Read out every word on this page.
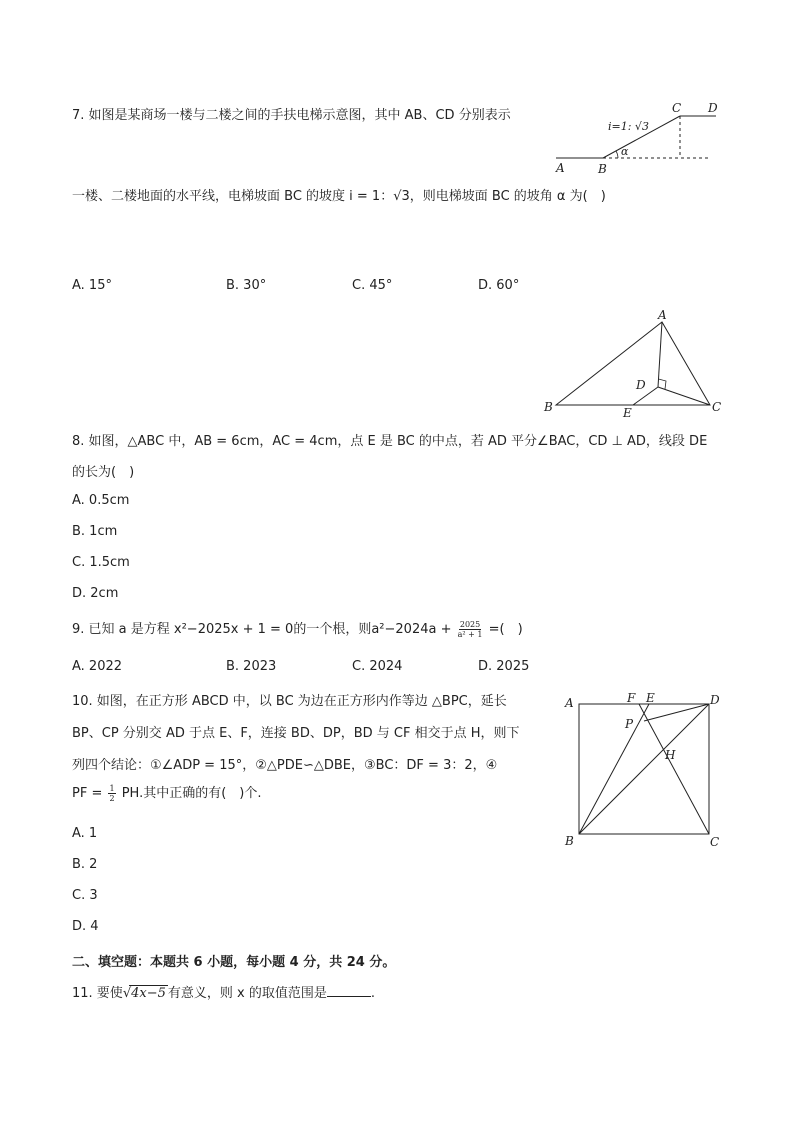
7. 如图是某商场一楼与二楼之间的手扶电梯示意图，其中 AB、CD 分别表示
i=1: √3
A	B
C D
α
一楼、二楼地面的水平线，电梯坡面 BC 的坡度 i = 1：√3，则电梯坡面 BC 的坡角 α 为(　)
A. 15°	B. 30°	C. 45°	D. 60°
A
B	C
D
E
8. 如图，△ABC 中，AB = 6cm，AC = 4cm，点 E 是 BC 的中点，若 AD 平分∠BAC，CD ⊥ AD，线段 DE
的长为(　)
A. 0.5cm
B. 1cm
C. 1.5cm
D. 2cm
9. 已知 a 是方程 x²−2025x + 1 = 0的一个根，则$a^2-2024a + \frac{2025}{\text{a² + 1}}$ =(　)
A. 2022	B. 2023	C. 2024	D. 2025
10. 如图，在正方形 ABCD 中，以 BC 为边在正方形内作等边 △BPC，延长
BP、CP 分别交 AD 于点 E、F，连接 BD、DP，BD 与 CF 相交于点 H，则下
列四个结论：①∠ADP = 15°，②△PDE∽△DBE，③BC：DF = 3：2，④
PF = $\frac{1}{2}$ PH.其中正确的有(　)个.
A. 1
B. 2
C. 3
D. 4
A
B	C
D
E
F
P
H
二、填空题：本题共 6 小题，每小题 4 分，共 24 分。
11. 要使√4x−5 有意义，则 x 的取值范围是	.
